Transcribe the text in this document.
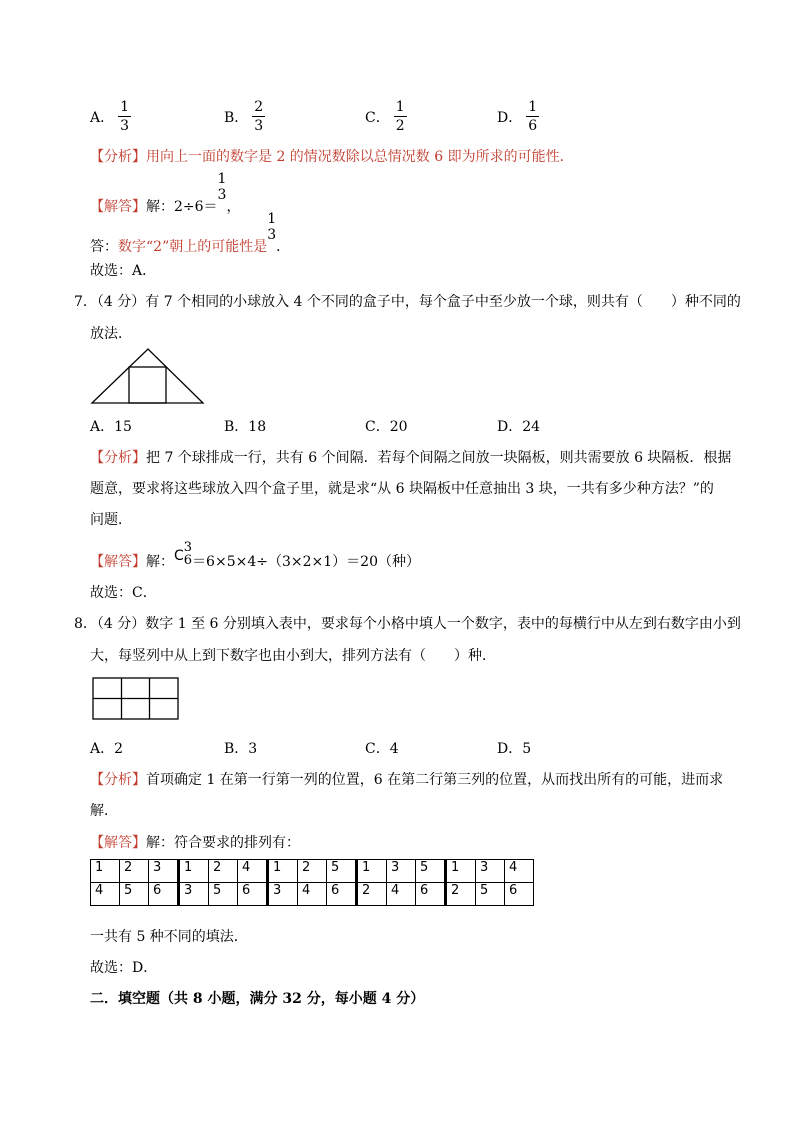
A． $\frac{1}{3}$	B． $\frac{2}{3}$	C． $\frac{1}{2}$	D． $\frac{1}{6}$
【分析】用向上一面的数字是 2 的情况数除以总情况数 6 即为所求的可能性．
【解答】解：2÷6＝
1
3
，
答：数字“2”朝上的可能性是
1
3
．
故选：A．
7．（4 分）有 7 个相同的小球放入 4 个不同的盒子中，每个盒子中至少放一个球，则共有（　　）种不同的
放法．
A．15	B．18	C．20	D．24
【分析】把 7 个球排成一行，共有 6 个间隔．若每个间隔之间放一块隔板，则共需要放 6 块隔板．根据
题意，要求将这些球放入四个盒子里，就是求“从 6 块隔板中任意抽出 3 块，一共有多少种方法？”的
问题．
【解答】解：C
3
6 ＝6×5×4÷（3×2×1）＝20（种）
故选：C．
8．（4 分）数字 1 至 6 分别填入表中，要求每个小格中填人一个数字，表中的每横行中从左到右数字由小到
大，每竖列中从上到下数字也由小到大，排列方法有（　　）种．
A．2	B．3	C．4	D．5
【分析】首项确定 1 在第一行第一列的位置，6 在第二行第三列的位置，从而找出所有的可能，进而求
解．
【解答】解：符合要求的排列有：
1	2	3	1	2	4	1	2	5	1	3	5	1	3	4
4	5	6	3	5	6	3	4	6	2	4	6	2	5	6
一共有 5 种不同的填法．
故选：D．
二．填空题（共 8 小题，满分 32 分，每小题 4 分）
